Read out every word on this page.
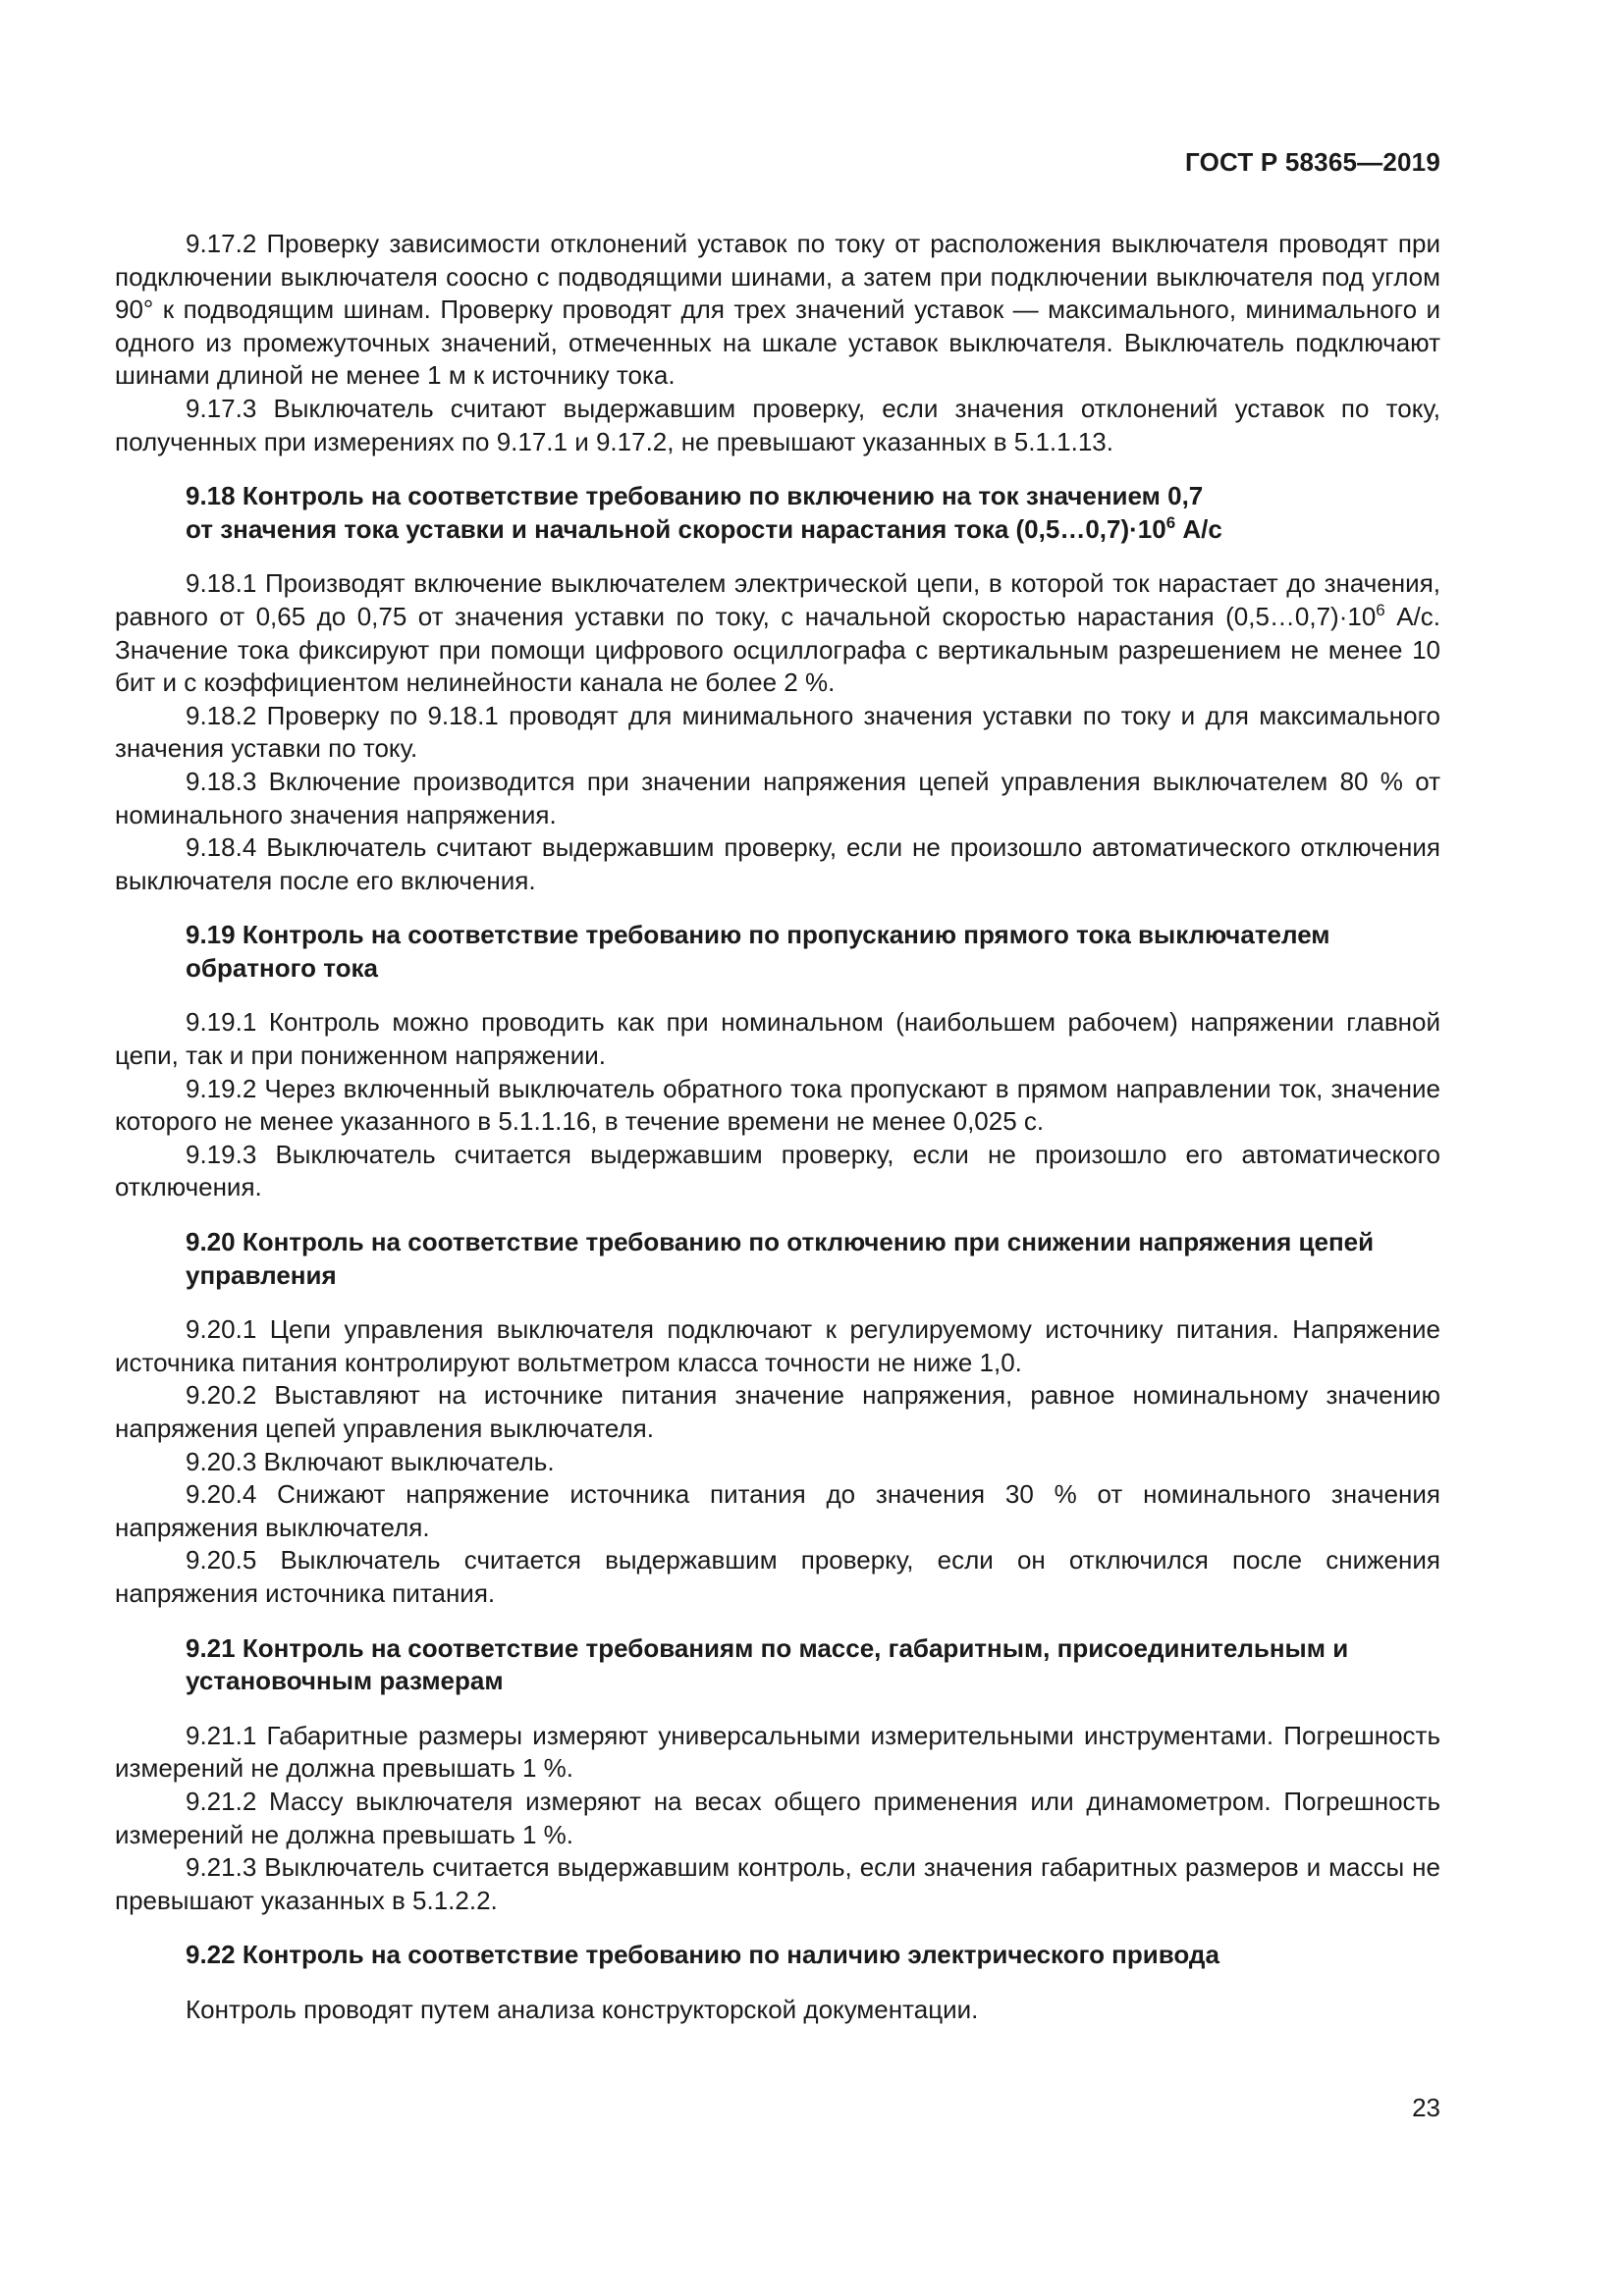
ГОСТ Р 58365—2019

9.17.2 Проверку зависимости отклонений уставок по току от расположения выключателя проводят при подключении выключателя соосно с подводящими шинами, а затем при подключении выключателя под углом 90° к подводящим шинам. Проверку проводят для трех значений уставок — максимального, минимального и одного из промежуточных значений, отмеченных на шкале уставок выключателя. Выключатель подключают шинами длиной не менее 1 м к источнику тока.

9.17.3 Выключатель считают выдержавшим проверку, если значения отклонений уставок по току, полученных при измерениях по 9.17.1 и 9.17.2, не превышают указанных в 5.1.1.13.

9.18 Контроль на соответствие требованию по включению на ток значением 0,7
от значения тока уставки и начальной скорости нарастания тока $(0,5\dots 0,7)\cdot 10^6$ А/с

9.18.1 Производят включение выключателем электрической цепи, в которой ток нарастает до значения, равного от 0,65 до 0,75 от значения уставки по току, с начальной скоростью нарастания $(0,5\dots 0,7)\cdot 10^6$ А/с. Значение тока фиксируют при помощи цифрового осциллографа с вертикальным разрешением не менее 10 бит и с коэффициентом нелинейности канала не более 2 %.

9.18.2 Проверку по 9.18.1 проводят для минимального значения уставки по току и для максимального значения уставки по току.

9.18.3 Включение производится при значении напряжения цепей управления выключателем 80 % от номинального значения напряжения.

9.18.4 Выключатель считают выдержавшим проверку, если не произошло автоматического отключения выключателя после его включения.

9.19 Контроль на соответствие требованию по пропусканию прямого тока выключателем обратного тока

9.19.1 Контроль можно проводить как при номинальном (наибольшем рабочем) напряжении главной цепи, так и при пониженном напряжении.

9.19.2 Через включенный выключатель обратного тока пропускают в прямом направлении ток, значение которого не менее указанного в 5.1.1.16, в течение времени не менее 0,025 с.

9.19.3 Выключатель считается выдержавшим проверку, если не произошло его автоматического отключения.

9.20 Контроль на соответствие требованию по отключению при снижении напряжения цепей управления

9.20.1 Цепи управления выключателя подключают к регулируемому источнику питания. Напряжение источника питания контролируют вольтметром класса точности не ниже 1,0.

9.20.2 Выставляют на источнике питания значение напряжения, равное номинальному значению напряжения цепей управления выключателя.

9.20.3 Включают выключатель.

9.20.4 Снижают напряжение источника питания до значения 30 % от номинального значения напряжения выключателя.

9.20.5 Выключатель считается выдержавшим проверку, если он отключился после снижения напряжения источника питания.

9.21 Контроль на соответствие требованиям по массе, габаритным, присоединительным и установочным размерам

9.21.1 Габаритные размеры измеряют универсальными измерительными инструментами. Погрешность измерений не должна превышать 1 %.

9.21.2 Массу выключателя измеряют на весах общего применения или динамометром. Погрешность измерений не должна превышать 1 %.

9.21.3 Выключатель считается выдержавшим контроль, если значения габаритных размеров и массы не превышают указанных в 5.1.2.2.

9.22 Контроль на соответствие требованию по наличию электрического привода

Контроль проводят путем анализа конструкторской документации.

23
